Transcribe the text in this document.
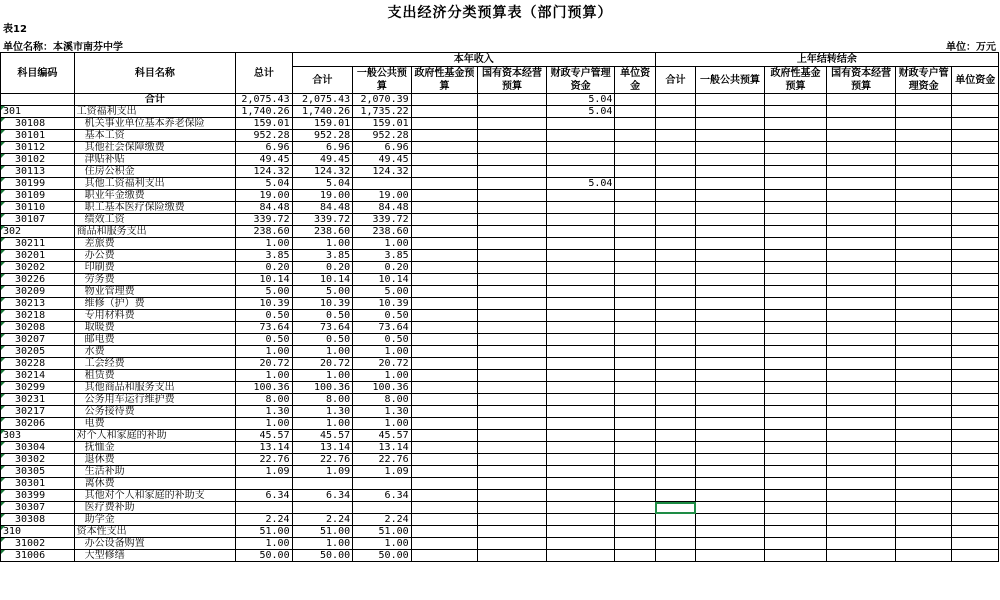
支出经济分类预算表（部门预算）
表12
单位名称：本溪市南芬中学	单位：万元
科目编码	科目名称	总计	本年收入						上年结转结余					
			合计	一般公共预算	政府性基金预算	国有资本经营预算	财政专户管理资金	单位资金	合计	一般公共预算	政府性基金预算	国有资本经营预算	财政专户管理资金	单位资金

	合计	2,075.43	2,075.43	2,070.39			5.04							
301	工资福利支出	1,740.26	1,740.26	1,735.22			5.04							
30108	机关事业单位基本养老保险	159.01	159.01	159.01										
30101	基本工资	952.28	952.28	952.28										
30112	其他社会保障缴费	6.96	6.96	6.96										
30102	津贴补贴	49.45	49.45	49.45										
30113	住房公积金	124.32	124.32	124.32										
30199	其他工资福利支出	5.04	5.04				5.04							
30109	职业年金缴费	19.00	19.00	19.00										
30110	职工基本医疗保险缴费	84.48	84.48	84.48										
30107	绩效工资	339.72	339.72	339.72										
302	商品和服务支出	238.60	238.60	238.60										
30211	差旅费	1.00	1.00	1.00										
30201	办公费	3.85	3.85	3.85										
30202	印刷费	0.20	0.20	0.20										
30226	劳务费	10.14	10.14	10.14										
30209	物业管理费	5.00	5.00	5.00										
30213	维修（护）费	10.39	10.39	10.39										
30218	专用材料费	0.50	0.50	0.50										
30208	取暖费	73.64	73.64	73.64										
30207	邮电费	0.50	0.50	0.50										
30205	水费	1.00	1.00	1.00										
30228	工会经费	20.72	20.72	20.72										
30214	租赁费	1.00	1.00	1.00										
30299	其他商品和服务支出	100.36	100.36	100.36										
30231	公务用车运行维护费	8.00	8.00	8.00										
30217	公务接待费	1.30	1.30	1.30										
30206	电费	1.00	1.00	1.00										
303	对个人和家庭的补助	45.57	45.57	45.57										
30304	抚恤金	13.14	13.14	13.14										
30302	退休费	22.76	22.76	22.76										
30305	生活补助	1.09	1.09	1.09										
30301	离休费													
30399	其他对个人和家庭的补助支	6.34	6.34	6.34										
30307	医疗费补助													
30308	助学金	2.24	2.24	2.24										
310	资本性支出	51.00	51.00	51.00										
31002	办公设备购置	1.00	1.00	1.00										
31006	大型修缮	50.00	50.00	50.00										
